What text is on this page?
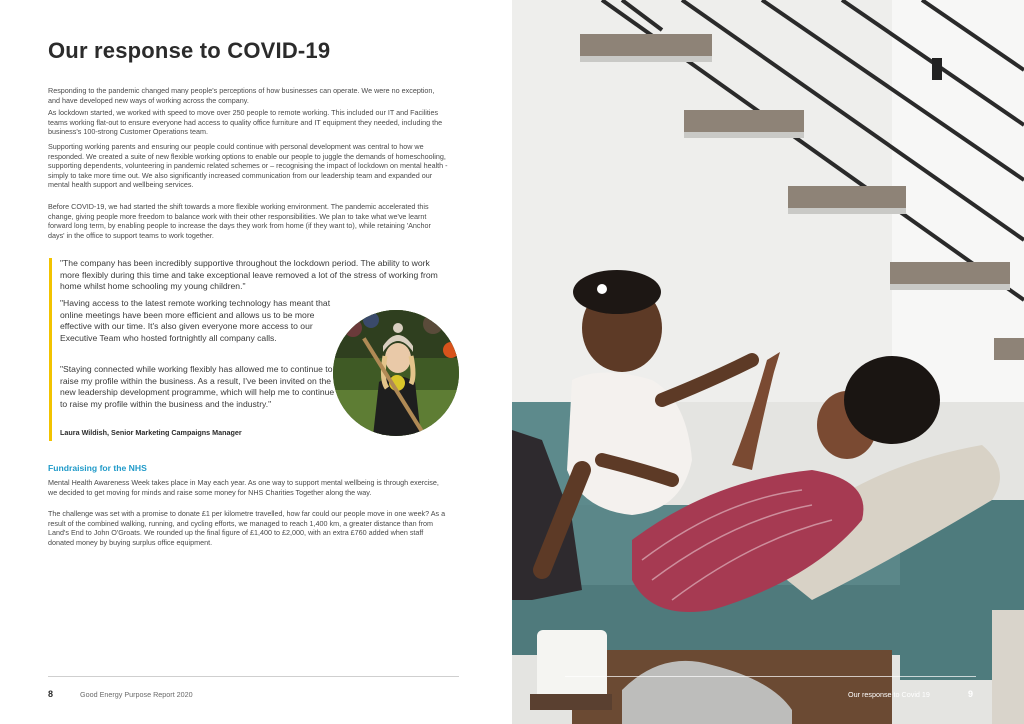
Our response to COVID-19

Responding to the pandemic changed many people's perceptions of how businesses can operate. We were no exception, and have developed new ways of working across the company.

As lockdown started, we worked with speed to move over 250 people to remote working. This included our IT and Facilities teams working flat-out to ensure everyone had access to quality office furniture and IT equipment they needed, including the business's 100-strong Customer Operations team.

Supporting working parents and ensuring our people could continue with personal development was central to how we responded. We created a suite of new flexible working options to enable our people to juggle the demands of homeschooling, supporting dependents, volunteering in pandemic related schemes or – recognising the impact of lockdown on mental health - simply to take more time out. We also significantly increased communication from our leadership team and expanded our mental health support and wellbeing services.

Before COVID-19, we had started the shift towards a more flexible working environment. The pandemic accelerated this change, giving people more freedom to balance work with their other responsibilities. We plan to take what we've learnt forward long term, by enabling people to increase the days they work from home (if they want to), while retaining 'Anchor days' in the office to support teams to work together.

"The company has been incredibly supportive throughout the lockdown period. The ability to work more flexibly during this time and take exceptional leave removed a lot of the stress of working from home whilst home schooling my young children."

"Having access to the latest remote working technology has meant that online meetings have been more efficient and allows us to be more effective with our time. It's also given everyone more access to our Executive Team who hosted fortnightly all company calls.

"Staying connected while working flexibly has allowed me to continue to raise my profile within the business. As a result, I've been invited on the new leadership development programme, which will help me to continue to raise my profile within the business and the industry."

Laura Wildish, Senior Marketing Campaigns Manager

Fundraising for the NHS

Mental Health Awareness Week takes place in May each year. As one way to support mental wellbeing is through exercise, we decided to get moving for minds and raise some money for NHS Charities Together along the way.

The challenge was set with a promise to donate £1 per kilometre travelled, how far could our people move in one week? As a result of the combined walking, running, and cycling efforts, we managed to reach 1,400 km, a greater distance than from Land's End to John O'Groats. We rounded up the final figure of £1,400 to £2,000, with an extra £760 added when staff donated money by buying surplus office equipment.

8	Good Energy Purpose Report 2020	Our response to Covid 19	9
